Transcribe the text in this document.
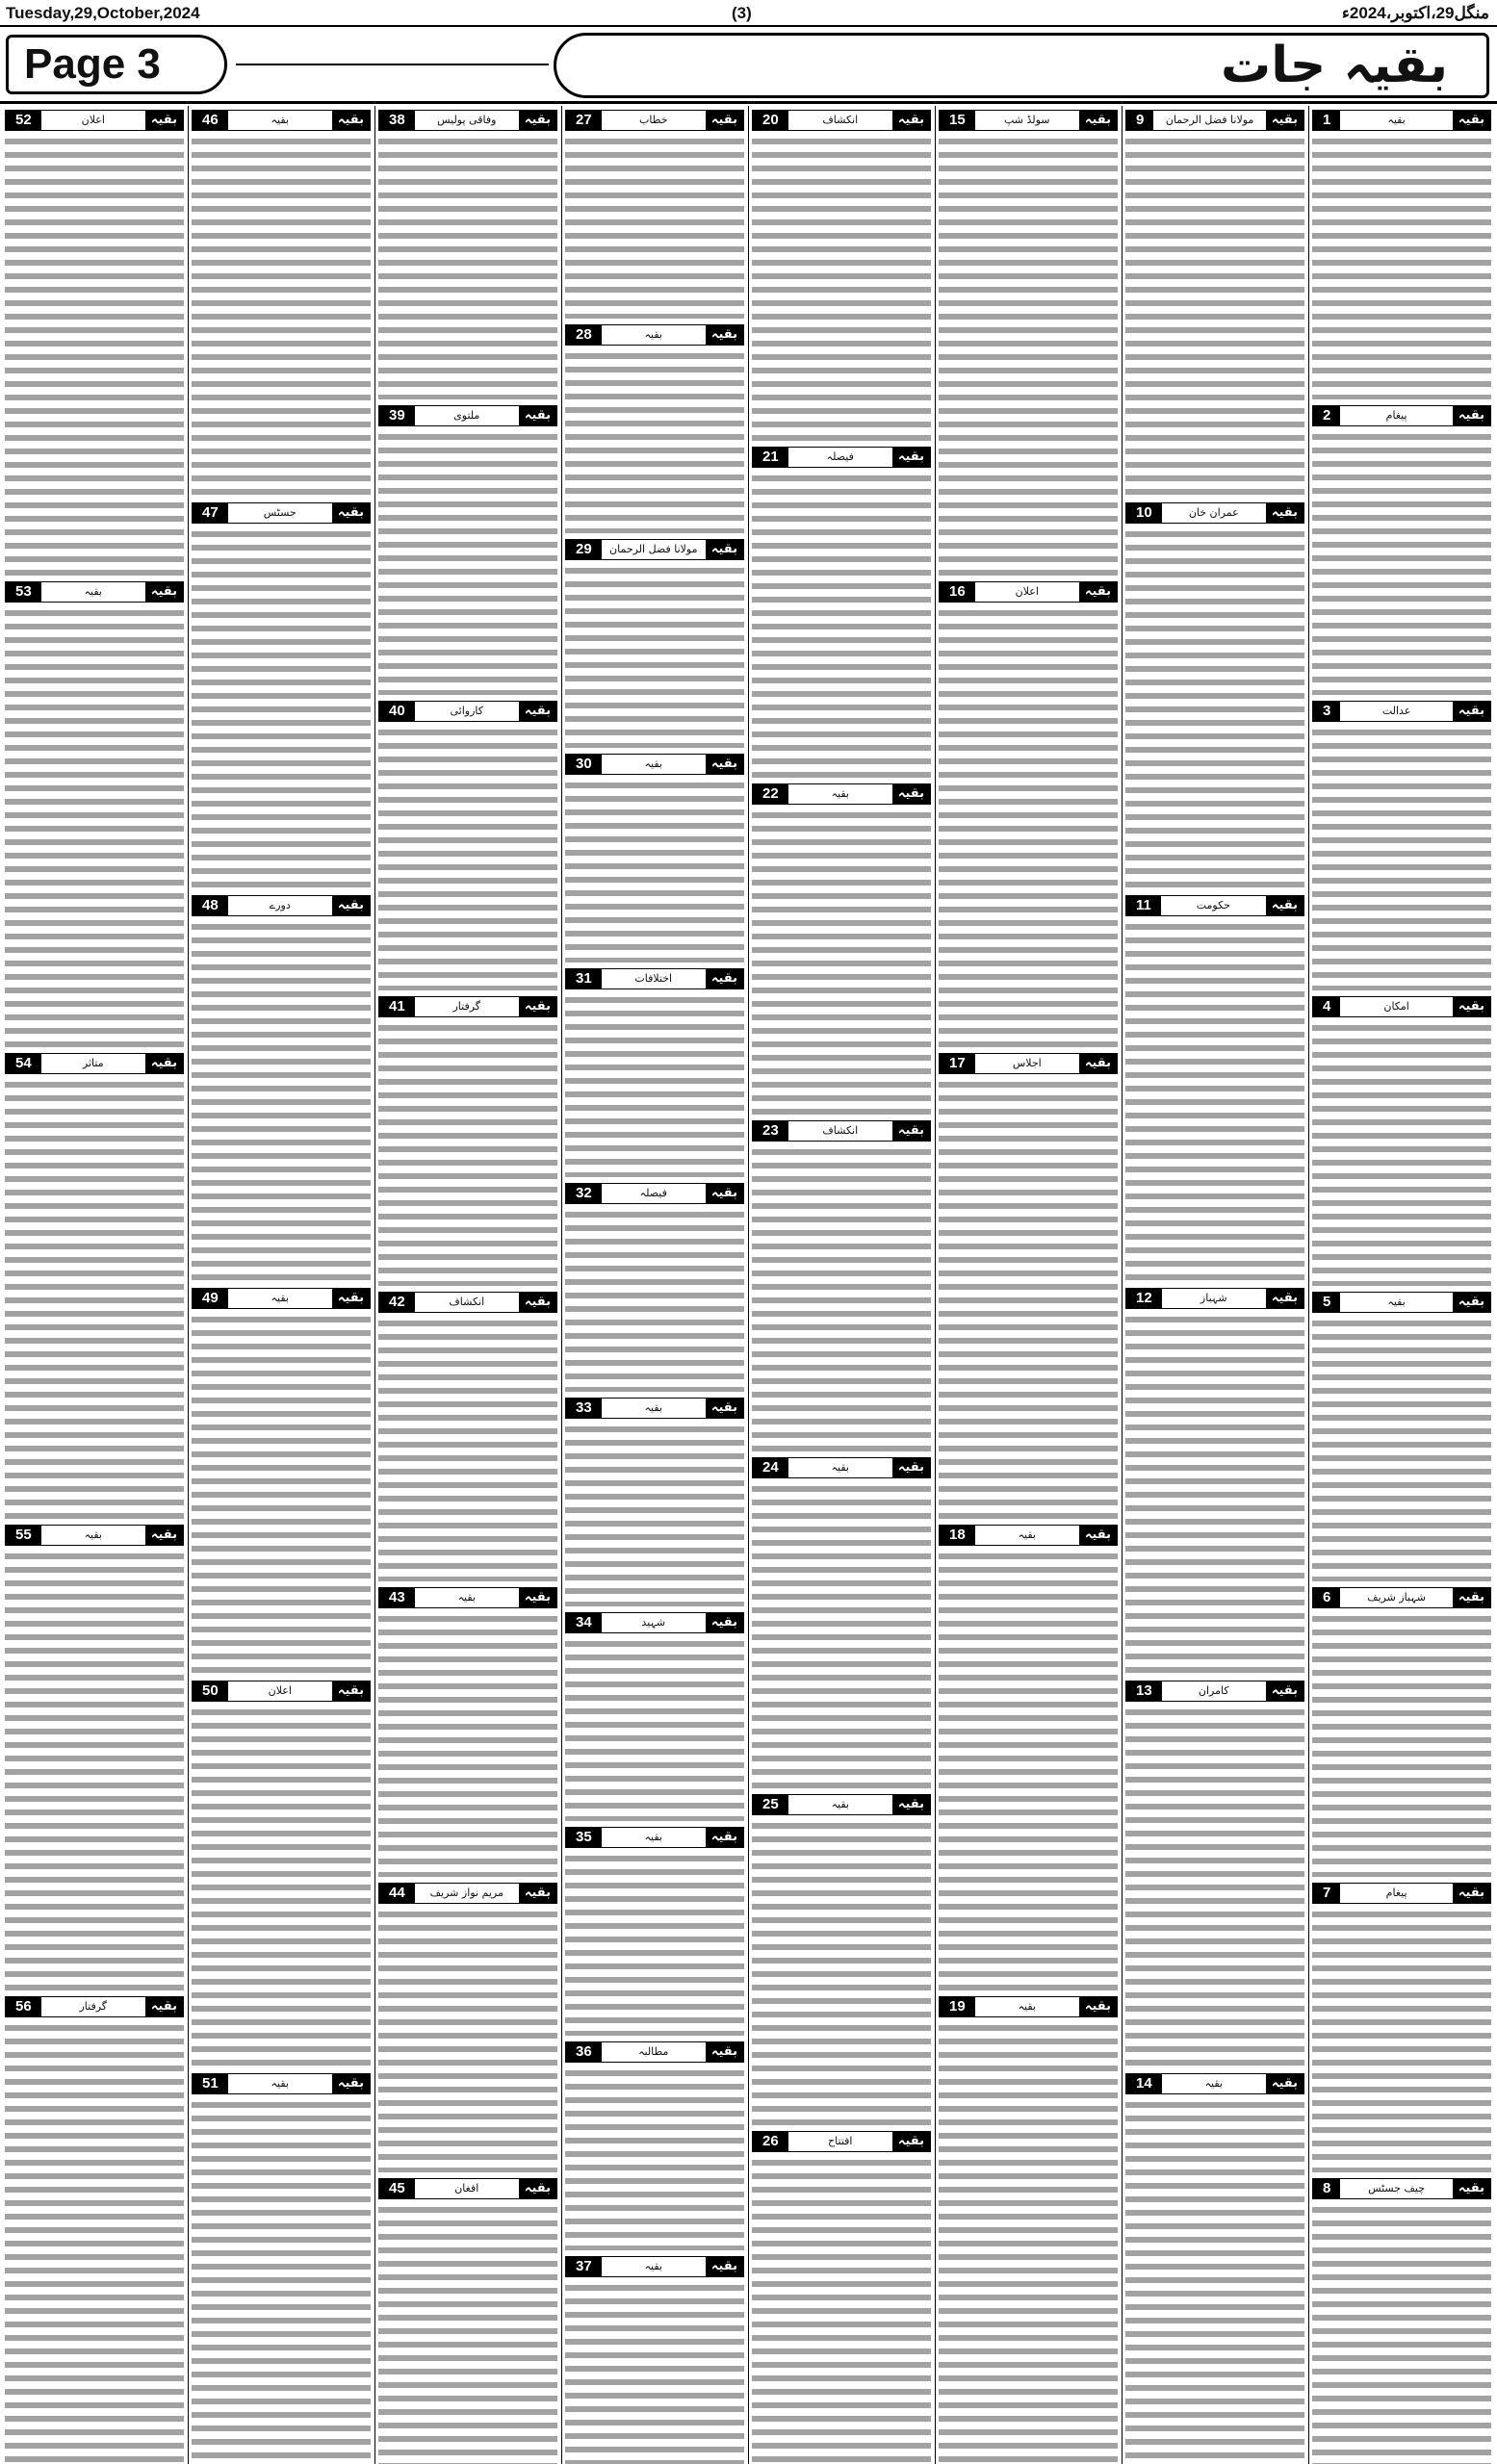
Tuesday,29,October,2024	(3)	منگل29،اکتوبر،2024ء
Page 3	بقیہ جات
بقیہ
بقیہ
1
بقیہ
پیغام
2
بقیہ
عدالت
3
بقیہ
امکان
4
بقیہ
بقیہ
5
بقیہ
شہباز شریف
6
بقیہ
پیغام
7
بقیہ
چیف جسٹس
8
بقیہ
مولانا فضل الرحمان
9
بقیہ
عمران خان
10
بقیہ
حکومت
11
بقیہ
شہباز
12
بقیہ
کامران
13
بقیہ
بقیہ
14
بقیہ
سولڈ شپ
15
بقیہ
اعلان
16
بقیہ
اجلاس
17
بقیہ
بقیہ
18
بقیہ
بقیہ
19
بقیہ
انکشاف
20
بقیہ
فیصلہ
21
بقیہ
بقیہ
22
بقیہ
انکشاف
23
بقیہ
بقیہ
24
بقیہ
بقیہ
25
بقیہ
افتتاح
26
بقیہ
خطاب
27
بقیہ
بقیہ
28
بقیہ
مولانا فضل الرحمان
29
بقیہ
بقیہ
30
بقیہ
اختلافات
31
بقیہ
فیصلہ
32
بقیہ
بقیہ
33
بقیہ
شہید
34
بقیہ
بقیہ
35
بقیہ
مطالبہ
36
بقیہ
بقیہ
37
بقیہ
وفاقی پولیس
38
بقیہ
ملتوی
39
بقیہ
کاروائی
40
بقیہ
گرفتار
41
بقیہ
انکشاف
42
بقیہ
بقیہ
43
بقیہ
مریم نواز شریف
44
بقیہ
افغان
45
بقیہ
بقیہ
46
بقیہ
جسٹس
47
بقیہ
دورے
48
بقیہ
بقیہ
49
بقیہ
اعلان
50
بقیہ
بقیہ
51
بقیہ
اعلان
52
بقیہ
بقیہ
53
بقیہ
متاثر
54
بقیہ
بقیہ
55
بقیہ
گرفتار
56
